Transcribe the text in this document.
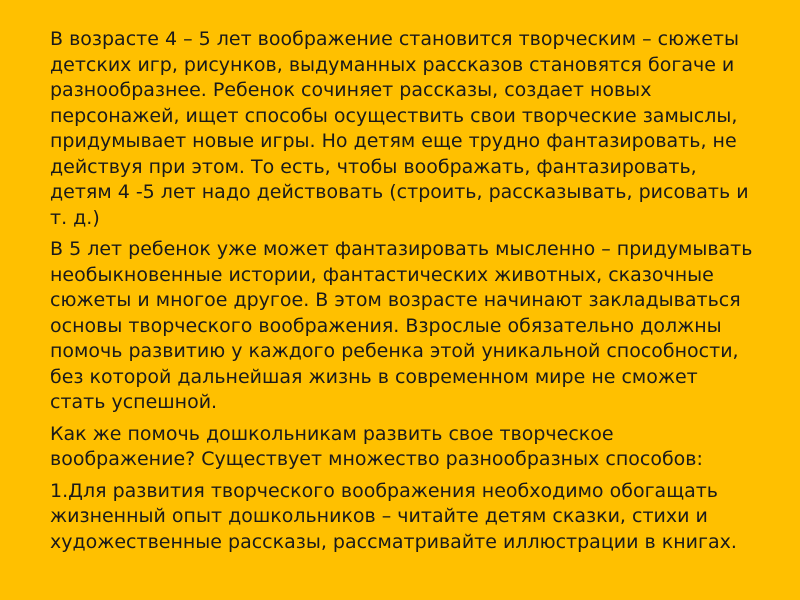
В возрасте 4 – 5 лет воображение становится творческим – сюжеты
детских игр, рисунков, выдуманных рассказов становятся богаче и
разнообразнее. Ребенок сочиняет рассказы, создает новых
персонажей, ищет способы осуществить свои творческие замыслы,
придумывает новые игры. Но детям еще трудно фантазировать, не
действуя при этом. То есть, чтобы воображать, фантазировать,
детям 4 -5 лет надо действовать (строить, рассказывать, рисовать и
т. д.)

В 5 лет ребенок уже может фантазировать мысленно – придумывать
необыкновенные истории, фантастических животных, сказочные
сюжеты и многое другое. В этом возрасте начинают закладываться
основы творческого воображения. Взрослые обязательно должны
помочь развитию у каждого ребенка этой уникальной способности,
без которой дальнейшая жизнь в современном мире не сможет
стать успешной.

Как же помочь дошкольникам развить свое творческое
воображение? Существует множество разнообразных способов:

1.Для развития творческого воображения необходимо обогащать
жизненный опыт дошкольников – читайте детям сказки, стихи и
художественные рассказы, рассматривайте иллюстрации в книгах.
